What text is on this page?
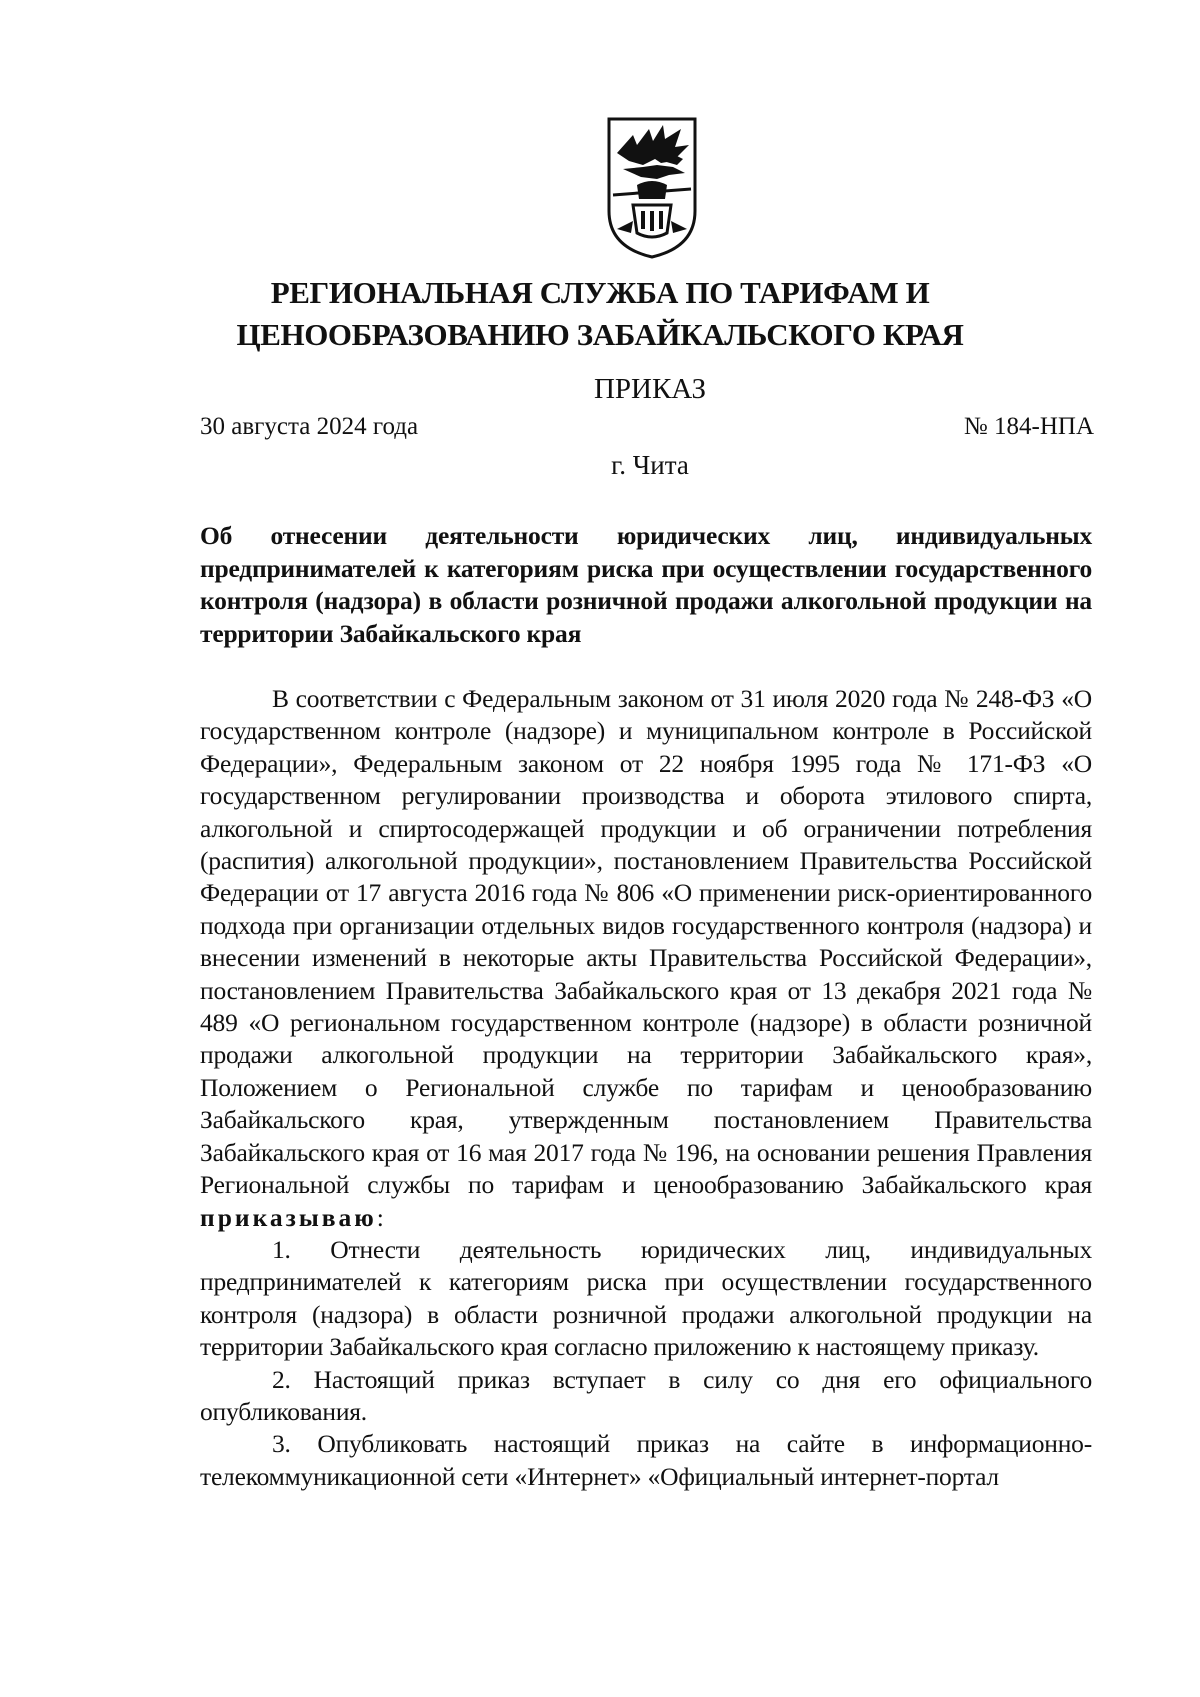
РЕГИОНАЛЬНАЯ СЛУЖБА ПО ТАРИФАМ И
ЦЕНООБРАЗОВАНИЮ ЗАБАЙКАЛЬСКОГО КРАЯ
ПРИКАЗ
30 августа 2024 года	№ 184-НПА
г. Чита
Об отнесении деятельности юридических лиц, индивидуальных предпринимателей к категориям риска при осуществлении государственного контроля (надзора) в области розничной продажи алкогольной продукции на территории Забайкальского края

В соответствии с Федеральным законом от 31 июля 2020 года № 248-ФЗ «О государственном контроле (надзоре) и муниципальном контроле в Российской Федерации», Федеральным законом от 22 ноября 1995 года № 171-ФЗ «О государственном регулировании производства и оборота этилового спирта, алкогольной и спиртосодержащей продукции и об ограничении потребления (распития) алкогольной продукции», постановлением Правительства Российской Федерации от 17 августа 2016 года № 806 «О применении риск-ориентированного подхода при организации отдельных видов государственного контроля (надзора) и внесении изменений в некоторые акты Правительства Российской Федерации», постановлением Правительства Забайкальского края от 13 декабря 2021 года № 489 «О региональном государственном контроле (надзоре) в области розничной продажи алкогольной продукции на территории Забайкальского края», Положением о Региональной службе по тарифам и ценообразованию Забайкальского края, утвержденным постановлением Правительства Забайкальского края от 16 мая 2017 года № 196, на основании решения Правления Региональной службы по тарифам и ценообразованию Забайкальского края приказываю:

1. Отнести деятельность юридических лиц, индивидуальных предпринимателей к категориям риска при осуществлении государственного контроля (надзора) в области розничной продажи алкогольной продукции на территории Забайкальского края согласно приложению к настоящему приказу.

2. Настоящий приказ вступает в силу со дня его официального опубликования.

3. Опубликовать настоящий приказ на сайте в информационно-телекоммуникационной сети «Интернет» «Официальный интернет-портал
